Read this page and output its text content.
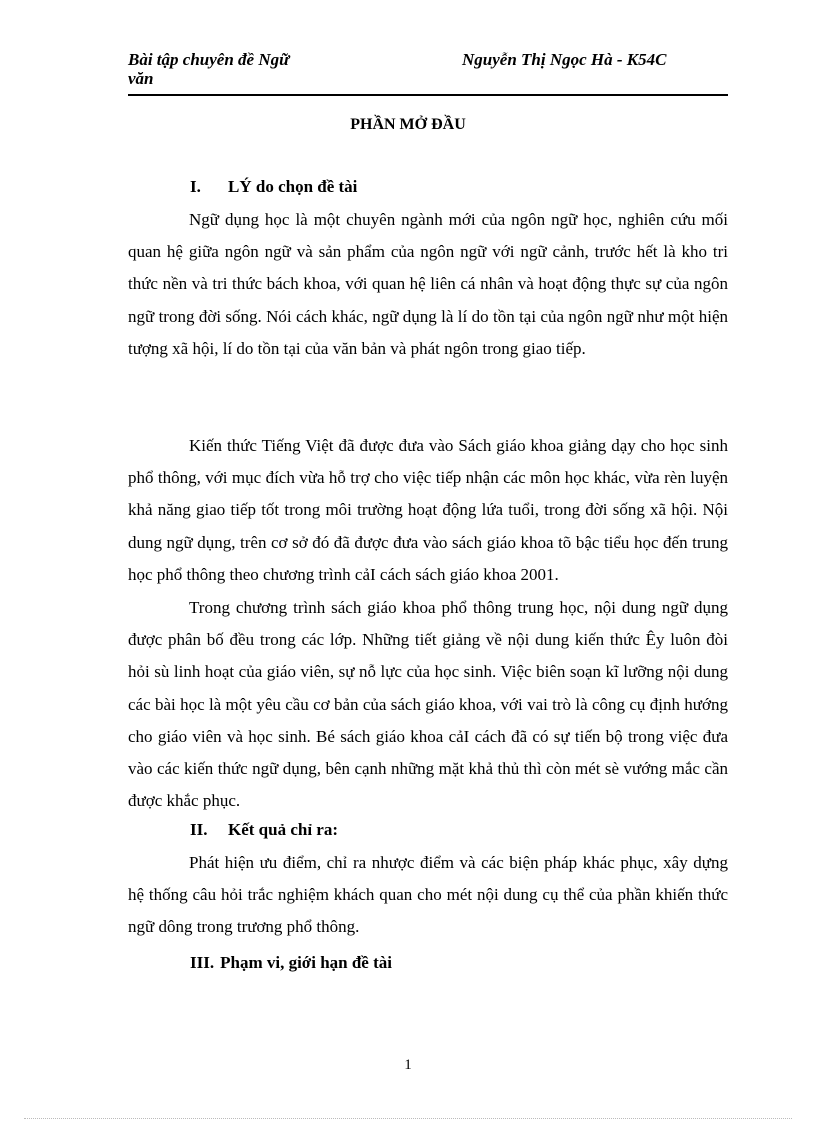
Bài tập chuyên đề Ngữ văn
Nguyễn Thị Ngọc Hà - K54C
PHẦN MỞ ĐẦU
I. LÝ do chọn đề tài

Ngữ dụng học là một chuyên ngành mới của ngôn ngữ học, nghiên cứu mối quan hệ giữa ngôn ngữ và sản phẩm của ngôn ngữ với ngữ cảnh, trước hết là kho tri thức nền và tri thức bách khoa, với quan hệ liên cá nhân và hoạt động thực sự của ngôn ngữ trong đời sống. Nói cách khác, ngữ dụng là lí do tồn tại của ngôn ngữ như một hiện tượng xã hội, lí do tồn tại của văn bản và phát ngôn trong giao tiếp.

Kiến thức Tiếng Việt đã được đưa vào Sách giáo khoa giảng dạy cho học sinh phổ thông, với mục đích vừa hỗ trợ cho việc tiếp nhận các môn học khác, vừa rèn luyện khả năng giao tiếp tốt trong môi trường hoạt động lứa tuổi, trong đời sống xã hội. Nội dung ngữ dụng, trên cơ sở đó đã được đưa vào sách giáo khoa tõ bậc tiểu học đến trung học phổ thông theo chương trình cảI cách sách giáo khoa 2001.

Trong chương trình sách giáo khoa phổ thông trung học, nội dung ngữ dụng được phân bố đều trong các lớp. Những tiết giảng về nội dung kiến thức Êy luôn đòi hỏi sù linh hoạt của giáo viên, sự nỗ lực của học sinh. Việc biên soạn kĩ lưỡng nội dung các bài học là một yêu cầu cơ bản của sách giáo khoa, với vai trò là công cụ định hướng cho giáo viên và học sinh. Bé sách giáo khoa cảI cách đã có sự tiến bộ trong việc đưa vào các kiến thức ngữ dụng, bên cạnh những mặt khả thủ thì còn mét sè vướng mắc cần được khắc phục.

II. Kết quả chỉ ra:

Phát hiện ưu điểm, chỉ ra nhược điểm và các biện pháp khác phục, xây dựng hệ thống câu hỏi trắc nghiệm khách quan cho mét nội dung cụ thể của phần khiến thức ngữ dông trong trương phổ thông.

III. Phạm vi, giới hạn đề tài
1
